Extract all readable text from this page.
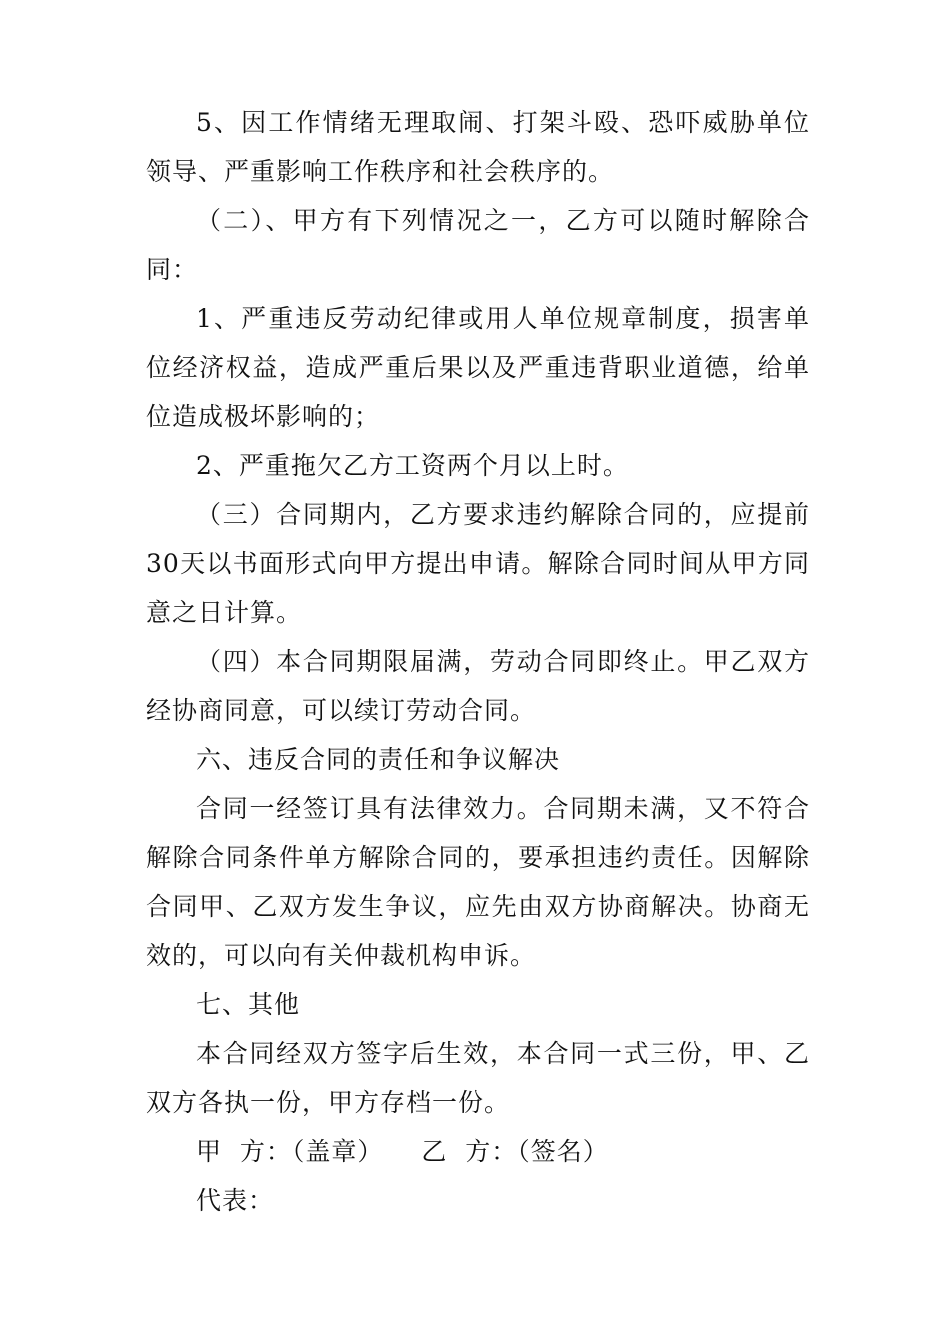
5、因工作情绪无理取闹、打架斗殴、恐吓威胁单位领导、严重影响工作秩序和社会秩序的。

（二）、甲方有下列情况之一，乙方可以随时解除合同：

1、严重违反劳动纪律或用人单位规章制度，损害单位经济权益，造成严重后果以及严重违背职业道德，给单位造成极坏影响的；

2、严重拖欠乙方工资两个月以上时。

（三）合同期内，乙方要求违约解除合同的，应提前30天以书面形式向甲方提出申请。解除合同时间从甲方同意之日计算。

（四）本合同期限届满，劳动合同即终止。甲乙双方经协商同意，可以续订劳动合同。

六、违反合同的责任和争议解决

合同一经签订具有法律效力。合同期未满，又不符合解除合同条件单方解除合同的，要承担违约责任。因解除合同甲、乙双方发生争议，应先由双方协商解决。协商无效的，可以向有关仲裁机构申诉。

七、其他

本合同经双方签字后生效，本合同一式三份，甲、乙双方各执一份，甲方存档一份。

甲  方：（盖章） 乙  方：（签名）

代表：
